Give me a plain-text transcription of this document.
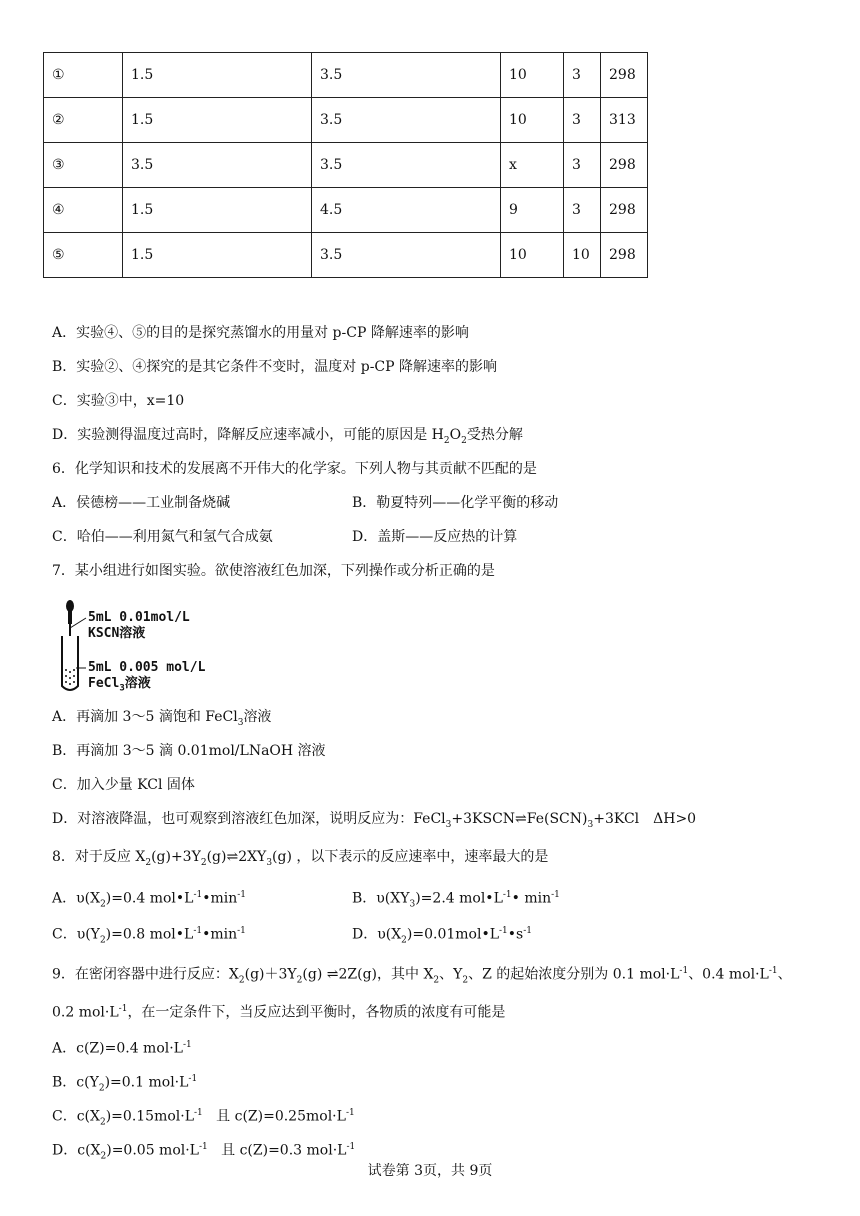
①	1.5	3.5	10	3	298
②	1.5	3.5	10	3	313
③	3.5	3.5	x	3	298
④	1.5	4.5	9	3	298
⑤	1.5	3.5	10	10	298
A．实验④、⑤的目的是探究蒸馏水的用量对 p-CP 降解速率的影响
B．实验②、④探究的是其它条件不变时，温度对 p-CP 降解速率的影响
C．实验③中，x=10
D．实验测得温度过高时，降解反应速率减小，可能的原因是 $H_2O_2$受热分解
6．化学知识和技术的发展离不开伟大的化学家。下列人物与其贡献不匹配的是
A．侯德榜——工业制备烧碱	B．勒夏特列——化学平衡的移动
C．哈伯——利用氮气和氢气合成氨	D．盖斯——反应热的计算
7．某小组进行如图实验。欲使溶液红色加深，下列操作或分析正确的是
5mL 0.01mol/L
KSCN溶液
5mL 0.005 mol/L
FeCl$_3$溶液
A．再滴加 3～5 滴饱和 FeCl$_3$溶液
B．再滴加 3～5 滴 0.01mol/LNaOH 溶液
C．加入少量 KCl 固体
D．对溶液降温，也可观察到溶液红色加深，说明反应为：$FeCl_3+3KSCN\rightleftharpoons Fe(SCN)_3+3KCl$　ΔH>0
8．对于反应 $X_2(g)+3Y_2(g)\rightleftharpoons 2XY_3(g)$ ，以下表示的反应速率中，速率最大的是
A．$\upsilon(X_2)=0.4$ $mol•L^{-1}•\min^{-1}$	B．$\upsilon(XY_3)=2.4$ $mol•L^{-1}•$ $\min^{-1}$
C．$\upsilon(Y_2)=0.8$ $mol•L^{-1}•\min^{-1}$	D．$\upsilon(X_2)=0.01mol•L^{-1}•s^{-1}$
9．在密闭容器中进行反应：$X_2(g)+3Y_2(g)$ ⇌2Z(g)，其中 $X_2$、$Y_2$、Z 的起始浓度分别为 0.1 $mol\cdot L^{-1}$、0.4 $mol\cdot L^{-1}$、
0.2 $mol\cdot L^{-1}$，在一定条件下，当反应达到平衡时，各物质的浓度有可能是
A．c(Z)=0.4 $mol\cdot L^{-1}$
B．$c(Y_2)=0.1$ $mol\cdot L^{-1}$
C．$c(X_2)=0.15mol\cdot L^{-1}$ 且 $c(Z)=0.25mol\cdot L^{-1}$
D．$c(X_2)=0.05$ $mol\cdot L^{-1}$ 且 c(Z)=0.3 $mol\cdot L^{-1}$
试卷第 3页，共 9页
